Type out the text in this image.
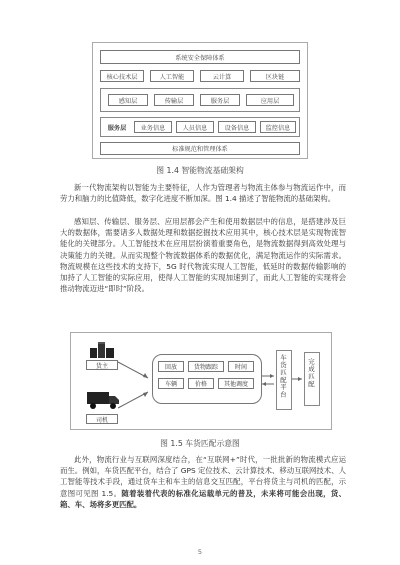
系统安全保障体系
核心技术层	人工智能	云计算	区块链
感知层	传输层	服务层	应用层
服务层	业务信息	人员信息	设备信息	监控信息
标准规范和管理体系
图 1.4 智能物流基础架构
新一代物流架构以智能为主要特征，人作为管理者与物流主体参与物流运作中，而劳力和脑力的比值降低，数字化进度不断加深。图 1.4 描述了智能物流的基础架构。
感知层、传输层、服务层、应用层都会产生和使用数据层中的信息，是搭建涉及巨大的数据体，需要诸多人数据处理和数据挖掘技术应用其中，核心技术层是实现物流智能化的关键部分。人工智能技术在应用层扮演着重要角色，是物流数据得到高效处理与决策能力的关键。从而实现整个物流数据体系的数据优化，满足物流运作的实际需求。物流规模在这些技术的支持下，5G 时代物流实现人工智能，低延时的数据传输影响的加持了人工智能的实际应用，使得人工智能的实现加速到了，而此人工智能的实现将会推动物流迈进“即时”阶段。
货主
司机
回放	货物跟踪	时间
车辆	价格	其他调度	车货匹配平台	完成匹配
图 1.5 车货匹配示意图
此外，物流行业与互联网深度结合，在“互联网+”时代，一批批新的物流模式应运而生。例如，车货匹配平台，结合了 GPS 定位技术、云计算技术、移动互联网技术、人工智能等技术手段，通过货车主和车主的信息交互匹配，平台将货主与司机的匹配，示意图可见图 1.5。随着装着代表的标准化运载单元的普及，未来将可能会出现，货、箱、车、场将多更匹配。
5
